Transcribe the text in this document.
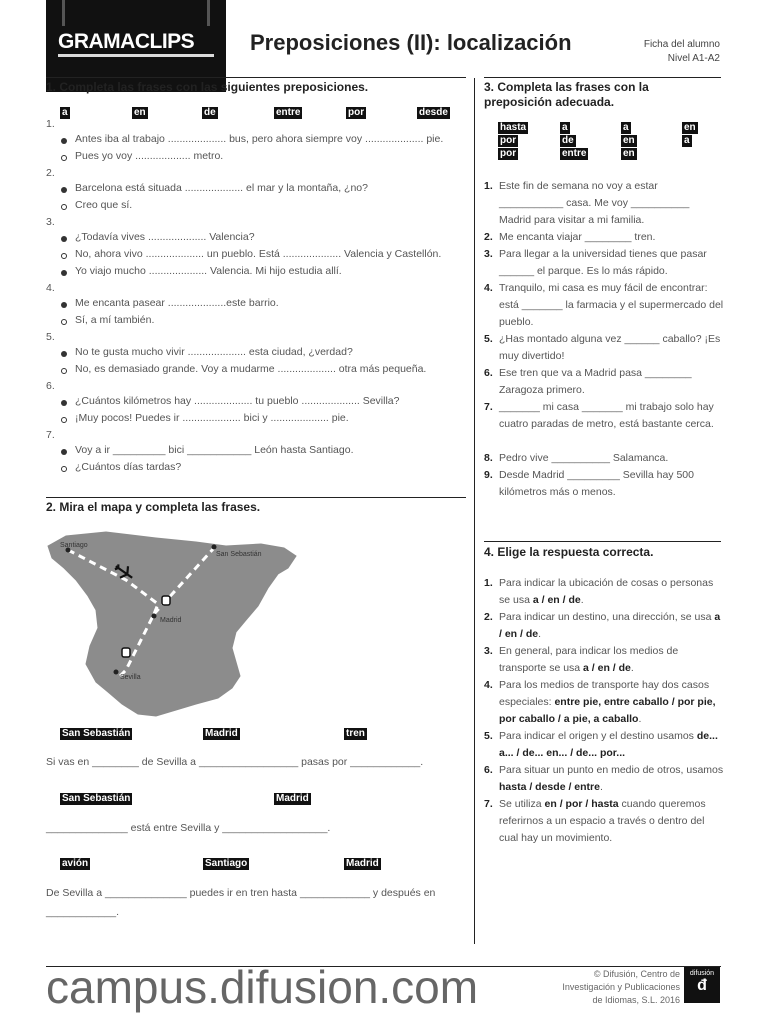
GRAMACLIPS	Preposiciones (II): localización	Ficha del alumno
Nivel A1-A2
1. Completa las frases con las siguientes preposiciones.
a	en	de	entre	por	desde
1.
Antes iba al trabajo .................... bus, pero ahora siempre voy .................... pie.
Pues yo voy ................... metro.
2.
Barcelona está situada .................... el mar y la montaña, ¿no?
Creo que sí.
3.
¿Todavía vives .................... Valencia?
No, ahora vivo .................... un pueblo. Está .................... Valencia y Castellón.
Yo viajo mucho .................... Valencia. Mi hijo estudia allí.
4.
Me encanta pasear ....................este barrio.
Sí, a mí también.
5.
No te gusta mucho vivir .................... esta ciudad, ¿verdad?
No, es demasiado grande. Voy a mudarme .................... otra más pequeña.
6.
¿Cuántos kilómetros hay .................... tu pueblo .................... Sevilla?
¡Muy pocos! Puedes ir .................... bici y .................... pie.
7.
Voy a ir _________ bici ___________ León hasta Santiago.
¿Cuántos días tardas?
2. Mira el mapa y completa las frases.
Santiago
San Sebastián
Madrid
Sevilla
San Sebastián	Madrid	tren
Si vas en ________ de Sevilla a _________________ pasas por ____________.
San Sebastián	Madrid
______________ está entre Sevilla y __________________.
avión	Santiago	Madrid
De Sevilla a ______________ puedes ir en tren hasta ____________ y después en
____________.
3. Completa las frases con la preposición adecuada.
hasta	a	a	en
por	de	en	a
por	entre	en
1. Este fin de semana no voy a estar ___________ casa. Me voy __________ Madrid para visitar a mi familia.
2. Me encanta viajar ________ tren.
3. Para llegar a la universidad tienes que pasar ______ el parque. Es lo más rápido.
4. Tranquilo, mi casa es muy fácil de encontrar: está _______ la farmacia y el supermercado del pueblo.
5. ¿Has montado alguna vez ______ caballo? ¡Es muy divertido!
6. Ese tren que va a Madrid pasa ________ Zaragoza primero.
7. _______ mi casa _______ mi trabajo solo hay cuatro paradas de metro, está bastante cerca.
8. Pedro vive __________ Salamanca.
9. Desde Madrid _________ Sevilla hay 500 kilómetros más o menos.
4. Elige la respuesta correcta.
1. Para indicar la ubicación de cosas o personas se usa a / en / de.
2. Para indicar un destino, una dirección, se usa a / en / de.
3. En general, para indicar los medios de transporte se usa a / en / de.
4. Para los medios de transporte hay dos casos especiales: entre pie, entre caballo / por pie, por caballo / a pie, a caballo.
5. Para indicar el origen y el destino usamos de... a... / de... en... / de... por...
6. Para situar un punto en medio de otros, usamos hasta / desde / entre.
7. Se utiliza en / por / hasta cuando queremos referirnos a un espacio a través o dentro del cual hay un movimiento.
campus.difusion.com	© Difusión, Centro de
Investigación y Publicaciones
de Idiomas, S.L. 2016
difusión
đ
